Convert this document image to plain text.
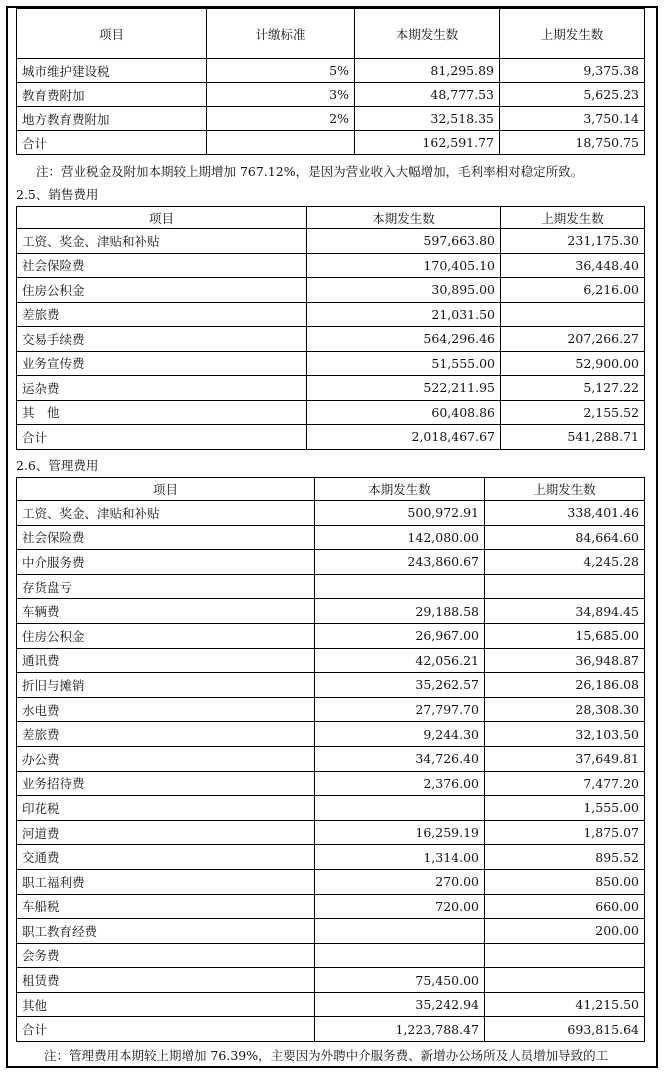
项目	计缴标准	本期发生数	上期发生数
城市维护建设税	5%	81,295.89	9,375.38
教育费附加	3%	48,777.53	5,625.23
地方教育费附加	2%	32,518.35	3,750.14
合计		162,591.77	18,750.75
注：营业税金及附加本期较上期增加 767.12%，是因为营业收入大幅增加，毛利率相对稳定所致。
2.5、销售费用
项目	本期发生数	上期发生数
工资、奖金、津贴和补贴	597,663.80	231,175.30
社会保险费	170,405.10	36,448.40
住房公积金	30,895.00	6,216.00
差旅费	21,031.50	
交易手续费	564,296.46	207,266.27
业务宣传费	51,555.00	52,900.00
运杂费	522,211.95	5,127.22
其　他	60,408.86	2,155.52
合计	2,018,467.67	541,288.71
2.6、管理费用
项目	本期发生数	上期发生数
工资、奖金、津贴和补贴	500,972.91	338,401.46
社会保险费	142,080.00	84,664.60
中介服务费	243,860.67	4,245.28
存货盘亏		
车辆费	29,188.58	34,894.45
住房公积金	26,967.00	15,685.00
通讯费	42,056.21	36,948.87
折旧与摊销	35,262.57	26,186.08
水电费	27,797.70	28,308.30
差旅费	9,244.30	32,103.50
办公费	34,726.40	37,649.81
业务招待费	2,376.00	7,477.20
印花税		1,555.00
河道费	16,259.19	1,875.07
交通费	1,314.00	895.52
职工福利费	270.00	850.00
车船税	720.00	660.00
职工教育经费		200.00
会务费		
租赁费	75,450.00	
其他	35,242.94	41,215.50
合计	1,223,788.47	693,815.64
注：管理费用本期较上期增加 76.39%，主要因为外聘中介服务费、新增办公场所及人员增加导致的工
